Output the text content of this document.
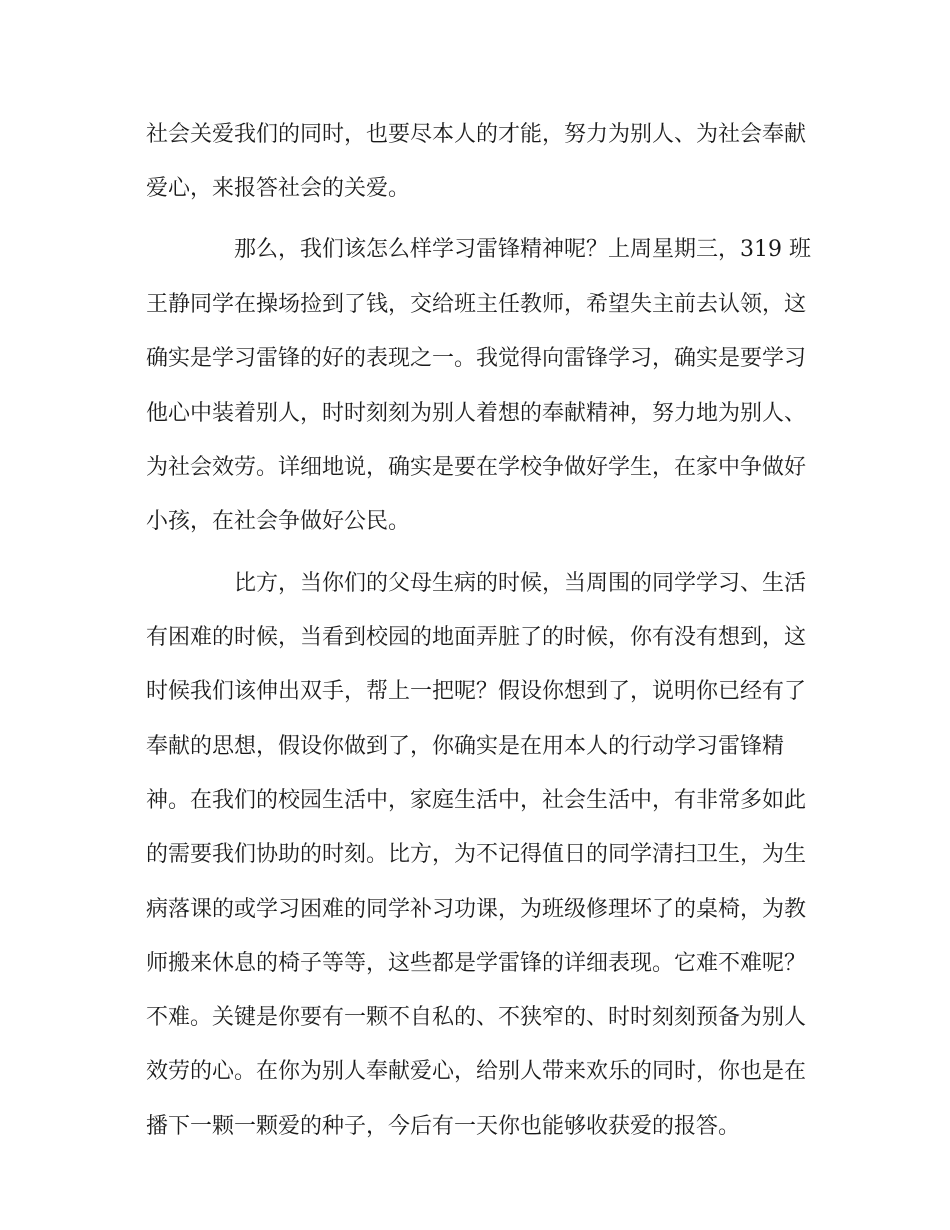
社会关爱我们的同时，也要尽本人的才能，努力为别人、为社会奉献
爱心，来报答社会的关爱。
那么，我们该怎么样学习雷锋精神呢？上周星期三，319 班
王静同学在操场捡到了钱，交给班主任教师，希望失主前去认领，这
确实是学习雷锋的好的表现之一。我觉得向雷锋学习，确实是要学习
他心中装着别人，时时刻刻为别人着想的奉献精神，努力地为别人、
为社会效劳。详细地说，确实是要在学校争做好学生，在家中争做好
小孩，在社会争做好公民。
比方，当你们的父母生病的时候，当周围的同学学习、生活
有困难的时候，当看到校园的地面弄脏了的时候，你有没有想到，这
时候我们该伸出双手，帮上一把呢？假设你想到了，说明你已经有了
奉献的思想，假设你做到了，你确实是在用本人的行动学习雷锋精
神。在我们的校园生活中，家庭生活中，社会生活中，有非常多如此
的需要我们协助的时刻。比方，为不记得值日的同学清扫卫生，为生
病落课的或学习困难的同学补习功课，为班级修理坏了的桌椅，为教
师搬来休息的椅子等等，这些都是学雷锋的详细表现。它难不难呢？
不难。关键是你要有一颗不自私的、不狭窄的、时时刻刻预备为别人
效劳的心。在你为别人奉献爱心，给别人带来欢乐的同时，你也是在
播下一颗一颗爱的种子，今后有一天你也能够收获爱的报答。
